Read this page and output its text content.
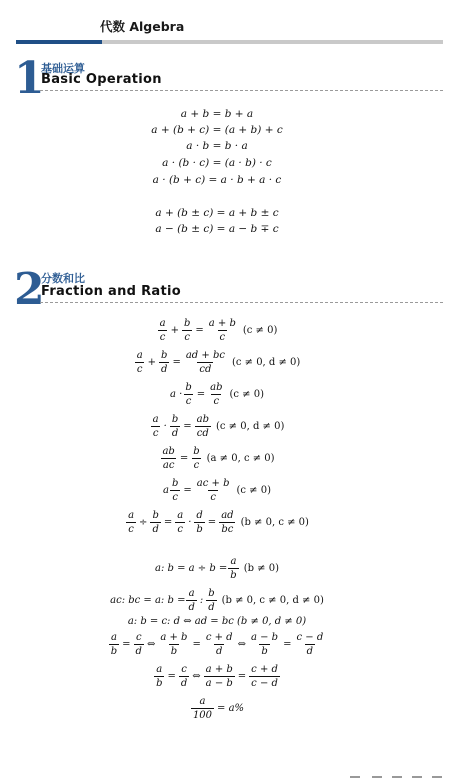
代数 Algebra
1
基础运算
Basic Operation
a + b = b + a
a + (b + c) = (a + b) + c
a · b = b · a
a · (b · c) = (a · b) · c
a · (b + c) = a · b + a · c
a + (b ± c) = a + b ± c
a − (b ± c) = a − b ∓ c
2
分数和比
Fraction and Ratio
a
c
+ $\frac{b}{c} = \frac{a + b}{c} (c \ne 0)$
a
c
+ $\frac{b}{d} = \frac{ad + bc}{cd} (c \ne 0$, d ≠ 0)
$a \cdot \frac{b}{c} = \frac{ab}{c} (c \ne 0)$
a
c
· $\frac{b}{d} = \frac{ab}{cd} (c \ne 0$, d ≠ 0)
$\frac{ab}{ac} = \frac{b}{c} (a \ne 0$, c ≠ 0)
a $\frac{b}{c} = \frac{ac + b}{c} (c \ne 0)$
$\frac{a}{c} \div \frac{b}{d} = \frac{a}{c} \cdot \frac{d}{b} = \frac{ad}{bc} (b \ne 0$, c ≠ 0)
a: $b = a \div b = \frac{a}{b} (b \ne 0)$
ac: bc = a: $b = \frac{a}{d}$ :
b
d
(b ≠ 0, c ≠ 0, d ≠ 0)
a: b = c: d ⇔ ad = bc (b ≠ 0, d ≠ 0)
$\frac{a}{b} = \frac{c}{d}$ ⇔ $\frac{a + b}{b} = \frac{c + d}{d}$ ⇔ $\frac{a - b}{b} = \frac{c - d}{d}$
$\frac{a}{b} = \frac{c}{d}$ ⇔ $\frac{a + b}{a - b} = \frac{c + d}{c - d}$
$\frac{a}{100} = a\%$
